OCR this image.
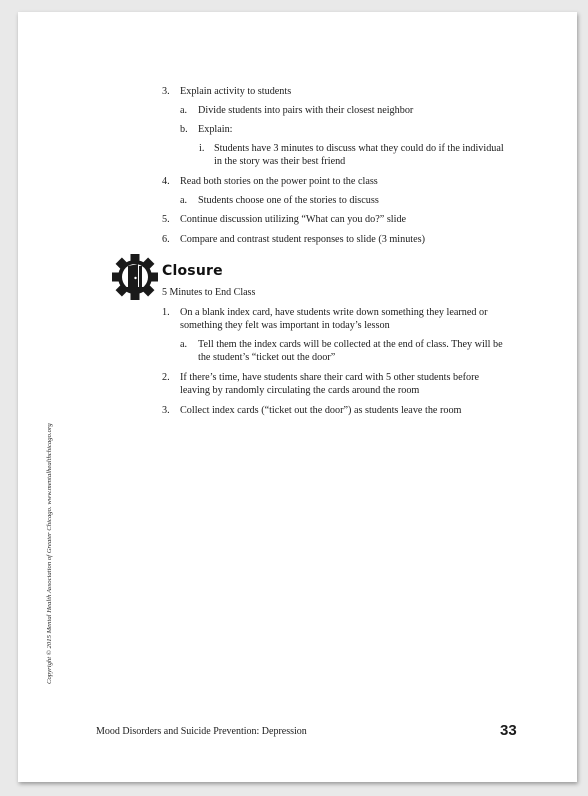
3. Explain activity to students
a. Divide students into pairs with their closest neighbor
b. Explain:
i. Students have 3 minutes to discuss what they could do if the individual
in the story was their best friend
4. Read both stories on the power point to the class
a. Students choose one of the stories to discuss
5. Continue discussion utilizing “What can you do?” slide
6. Compare and contrast student responses to slide (3 minutes)
Closure
5 Minutes to End Class
1. On a blank index card, have students write down something they learned or
something they felt was important in today’s lesson
a. Tell them the index cards will be collected at the end of class. They will be
the student’s “ticket out the door”
2. If there’s time, have students share their card with 5 other students before
leaving by randomly circulating the cards around the room
3. Collect index cards (“ticket out the door”) as students leave the room
Copyright © 2015 Mental Health Association of Greater Chicago. www.mentalhealthchicago.org
Mood Disorders and Suicide Prevention: Depression	33
